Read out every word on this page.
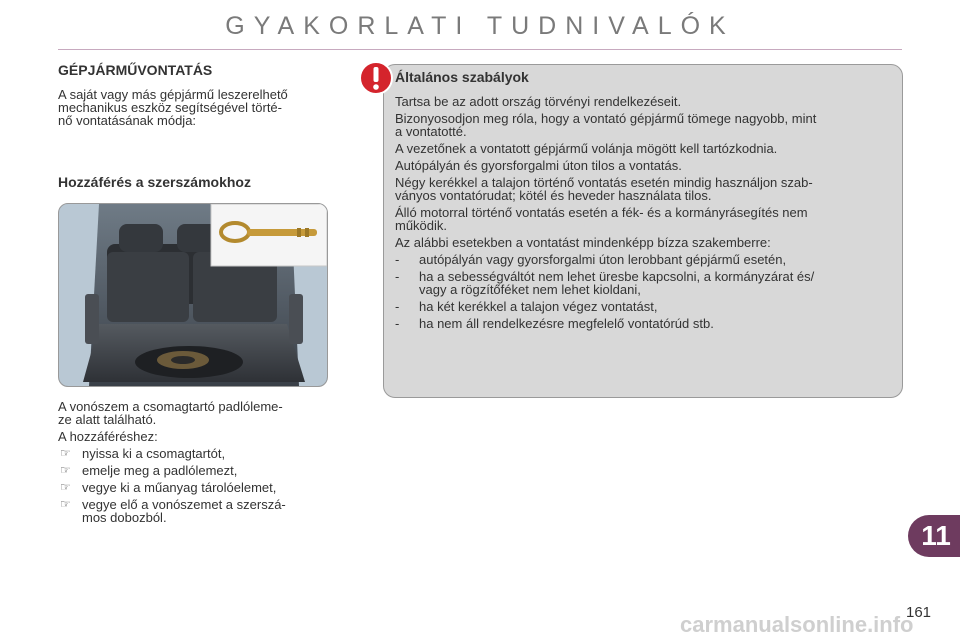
GYAKORLATI TUDNIVALÓK
GÉPJÁRMŰVONTATÁS
A saját vagy más gépjármű leszerelhető
mechanikus eszköz segítségével törté-
nő vontatásának módja:
Hozzáférés a szerszámokhoz

A vonószem a csomagtartó padlóleme-
ze alatt található.

A hozzáféréshez:

☞ nyissa ki a csomagtartót,
☞ emelje meg a padlólemezt,
☞ vegye ki a műanyag tárolóelemet,
☞ vegye elő a vonószemet a szerszá-
mos dobozból.
Általános szabályok

Tartsa be az adott ország törvényi rendelkezéseit.

Bizonyosodjon meg róla, hogy a vontató gépjármű tömege nagyobb, mint
a vontatotté.

A vezetőnek a vontatott gépjármű volánja mögött kell tartózkodnia.

Autópályán és gyorsforgalmi úton tilos a vontatás.

Négy kerékkel a talajon történő vontatás esetén mindig használjon szab-
ványos vontatórudat; kötél és heveder használata tilos.

Álló motorral történő vontatás esetén a fék- és a kormányrásegítés nem
működik.

Az alábbi esetekben a vontatást mindenképp bízza szakemberre:

- autópályán vagy gyorsforgalmi úton lerobbant gépjármű esetén,
- ha a sebességváltót nem lehet üresbe kapcsolni, a kormányzárat és/
vagy a rögzítőféket nem lehet kioldani,
- ha két kerékkel a talajon végez vontatást,
- ha nem áll rendelkezésre megfelelő vontatórúd stb.
11
carmanualsonline.info
161
